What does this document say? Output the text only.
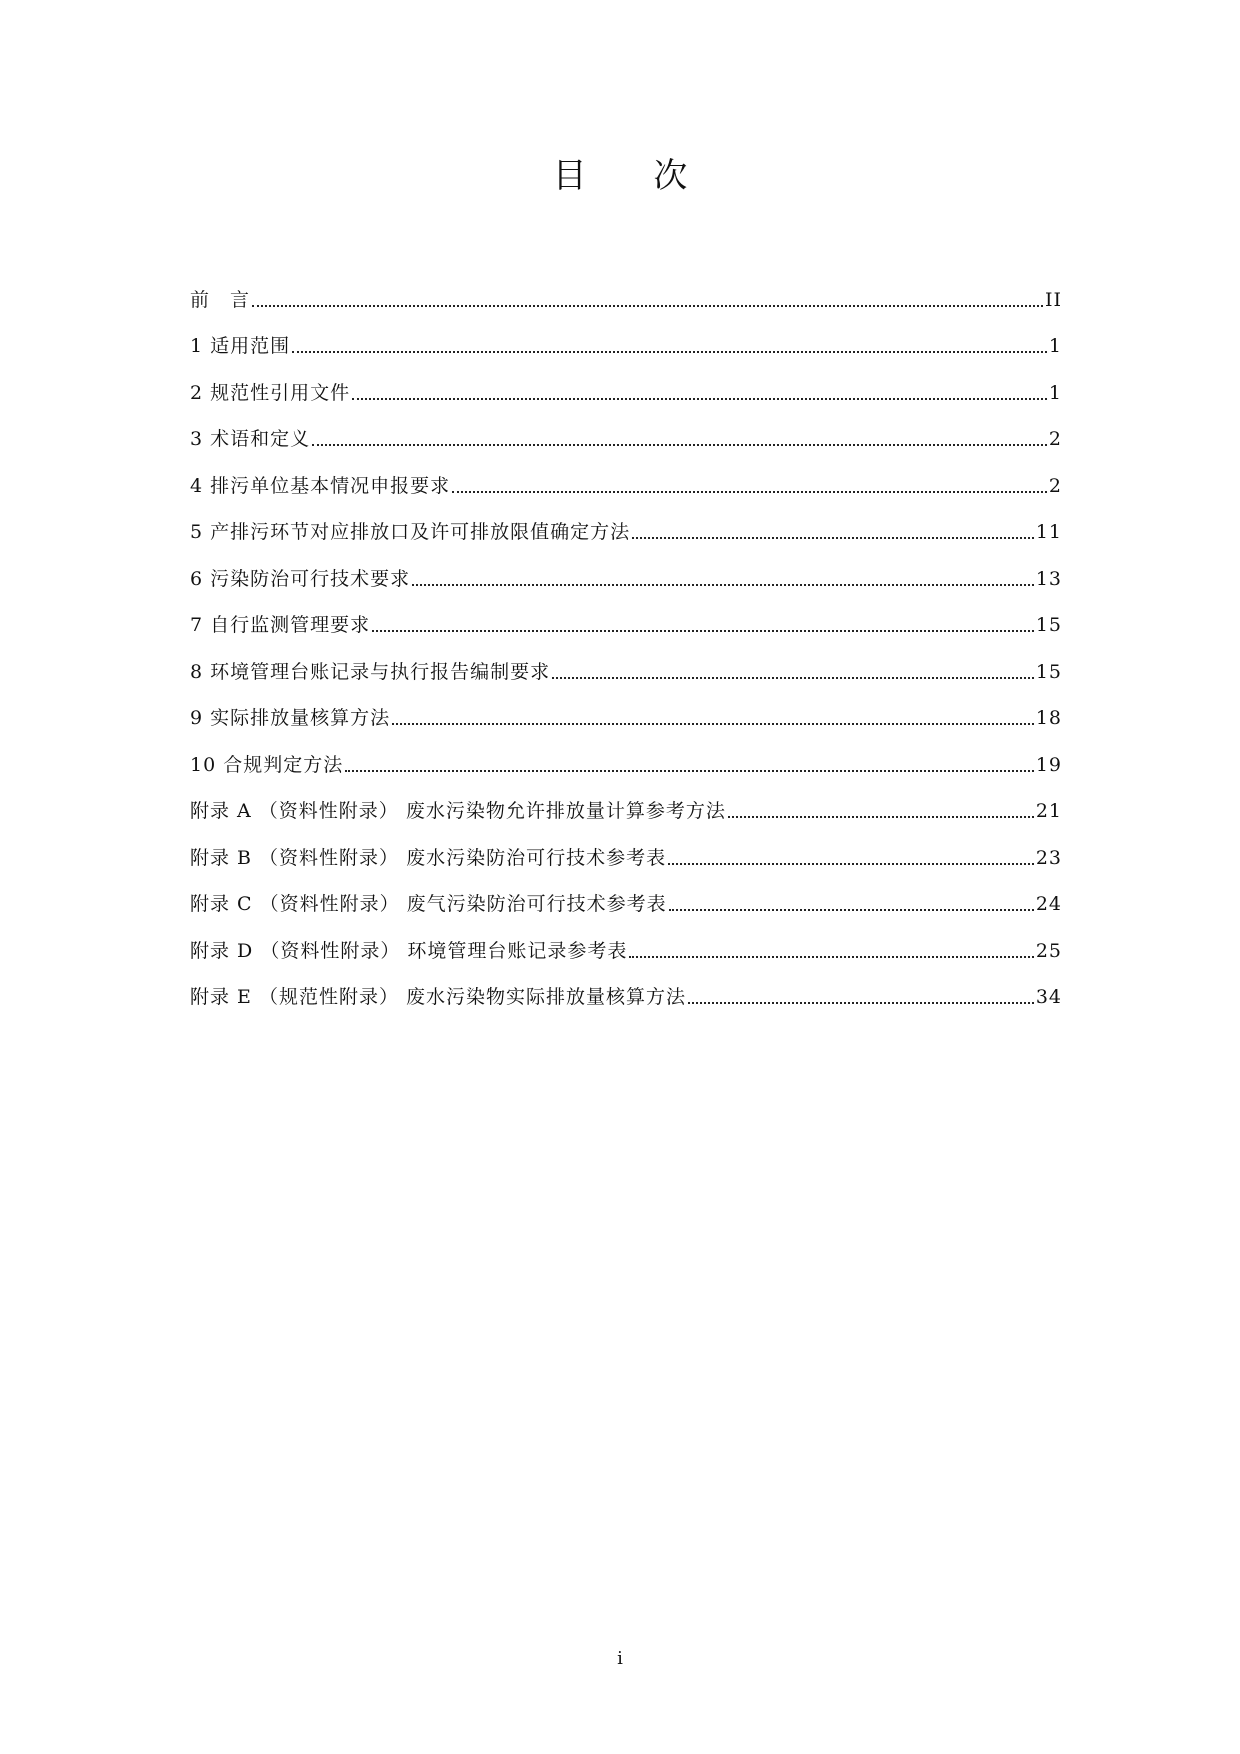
目 次
前　言	II
1 适用范围	1
2 规范性引用文件	1
3 术语和定义	2
4 排污单位基本情况申报要求	2
5 产排污环节对应排放口及许可排放限值确定方法	11
6 污染防治可行技术要求	13
7 自行监测管理要求	15
8 环境管理台账记录与执行报告编制要求	15
9 实际排放量核算方法	18
10 合规判定方法	19
附录 A （资料性附录） 废水污染物允许排放量计算参考方法	21
附录 B （资料性附录） 废水污染防治可行技术参考表	23
附录 C （资料性附录） 废气污染防治可行技术参考表	24
附录 D （资料性附录） 环境管理台账记录参考表	25
附录 E （规范性附录） 废水污染物实际排放量核算方法	34
i
